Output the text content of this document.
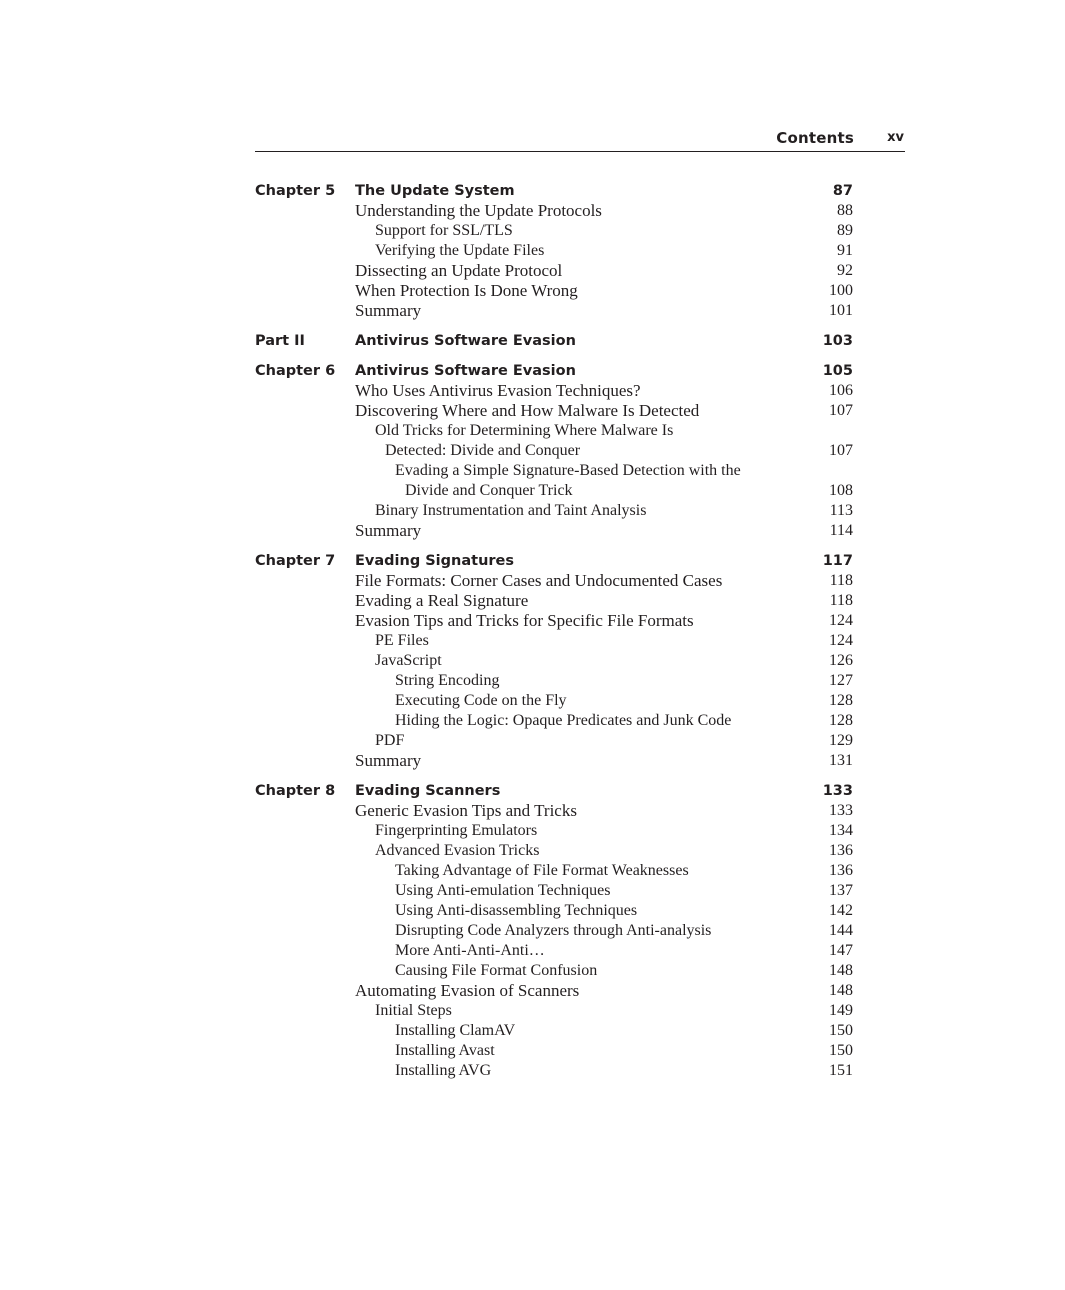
Contents	xv
Chapter 5 The Update System	87
Understanding the Update Protocols	88
Support for SSL/TLS	89
Verifying the Update Files	91
Dissecting an Update Protocol	92
When Protection Is Done Wrong	100
Summary	101
Part II	Antivirus Software Evasion	103
Chapter 6 Antivirus Software Evasion	105
Who Uses Antivirus Evasion Techniques?	106
Discovering Where and How Malware Is Detected	107
Old Tricks for Determining Where Malware Is
Detected: Divide and Conquer	107
Evading a Simple Signature-Based Detection with the
Divide and Conquer Trick	108
Binary Instrumentation and Taint Analysis	113
Summary	114
Chapter 7 Evading Signatures	117
File Formats: Corner Cases and Undocumented Cases	118
Evading a Real Signature	118
Evasion Tips and Tricks for Specific File Formats	124
PE Files	124
JavaScript	126
String Encoding	127
Executing Code on the Fly	128
Hiding the Logic: Opaque Predicates and Junk Code	128
PDF	129
Summary	131
Chapter 8 Evading Scanners	133
Generic Evasion Tips and Tricks	133
Fingerprinting Emulators	134
Advanced Evasion Tricks	136
Taking Advantage of File Format Weaknesses	136
Using Anti-emulation Techniques	137
Using Anti-disassembling Techniques	142
Disrupting Code Analyzers through Anti-analysis	144
More Anti-Anti-Anti…	147
Causing File Format Confusion	148
Automating Evasion of Scanners	148
Initial Steps	149
Installing ClamAV	150
Installing Avast	150
Installing AVG	151
